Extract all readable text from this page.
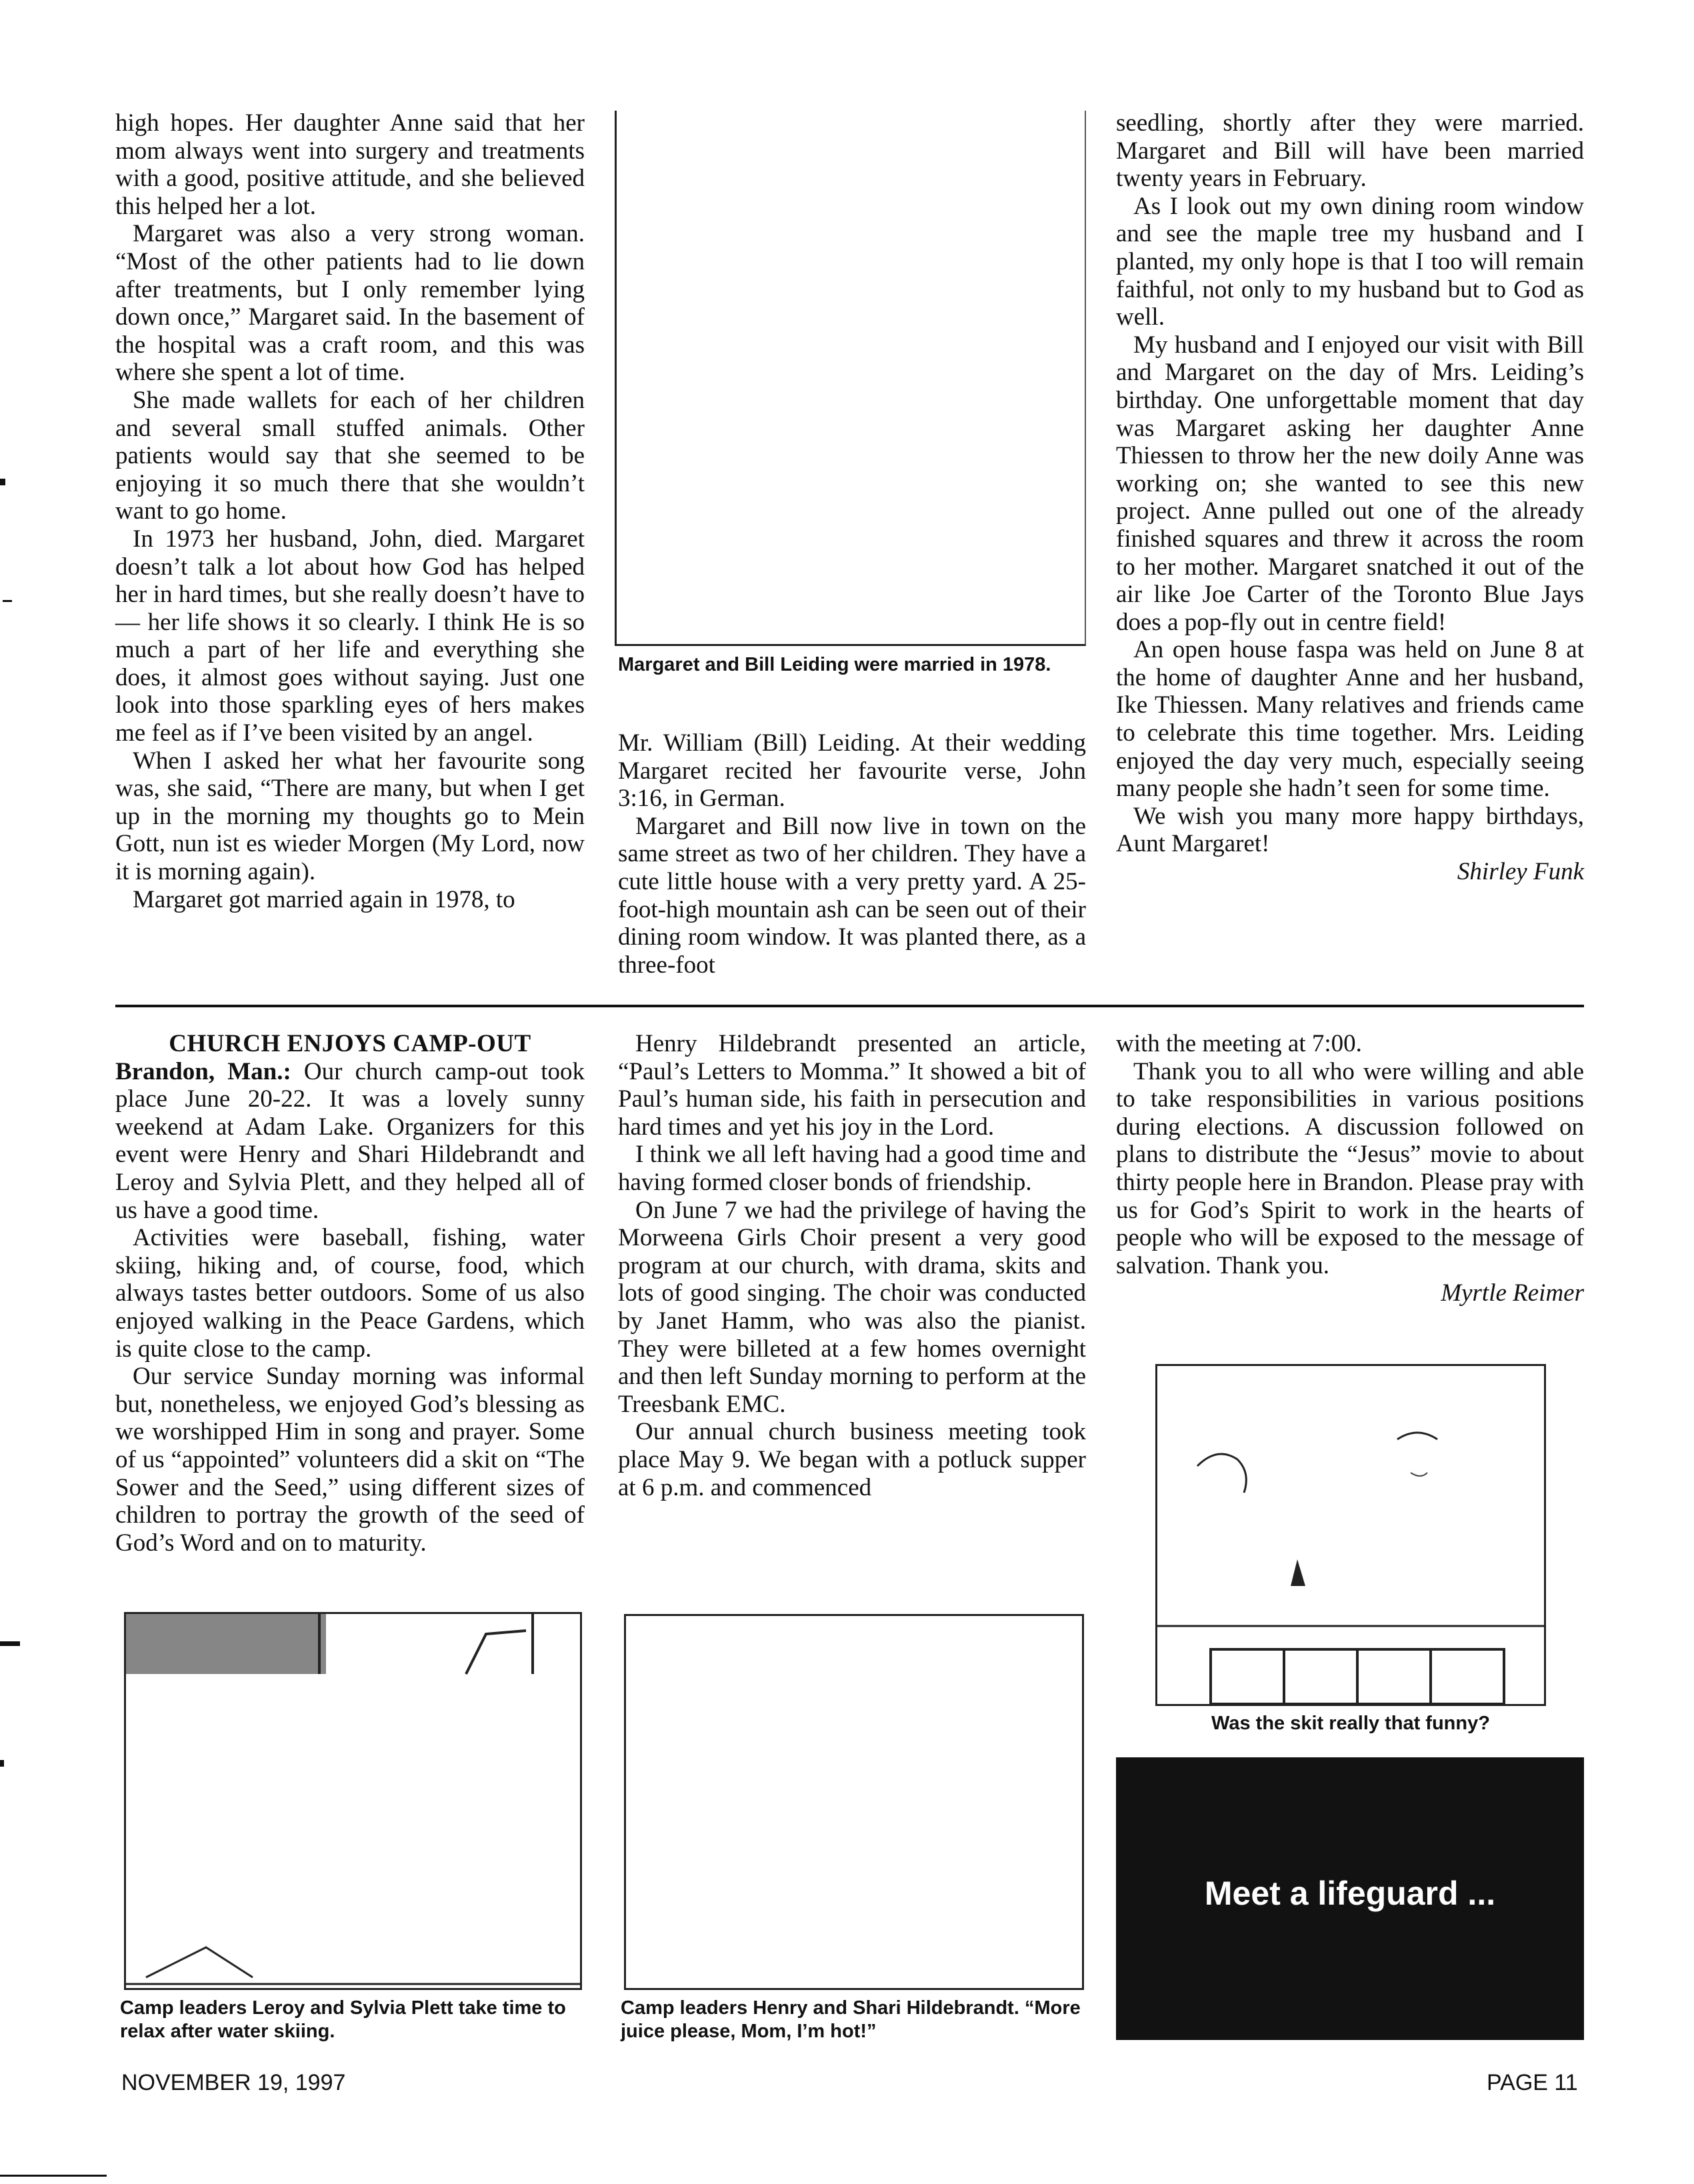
high hopes. Her daughter Anne said that her mom always went into surgery and treatments with a good, positive attitude, and she believed this helped her a lot.

Margaret was also a very strong woman. “Most of the other patients had to lie down after treatments, but I only remember lying down once,” Margaret said. In the basement of the hospital was a craft room, and this was where she spent a lot of time.

She made wallets for each of her children and several small stuffed animals. Other patients would say that she seemed to be enjoying it so much there that she wouldn’t want to go home.

In 1973 her husband, John, died. Margaret doesn’t talk a lot about how God has helped her in hard times, but she really doesn’t have to — her life shows it so clearly. I think He is so much a part of her life and everything she does, it almost goes without saying. Just one look into those sparkling eyes of hers makes me feel as if I’ve been visited by an angel.

When I asked her what her favourite song was, she said, “There are many, but when I get up in the morning my thoughts go to Mein Gott, nun ist es wieder Morgen (My Lord, now it is morning again).

Margaret got married again in 1978, to

Margaret and Bill Leiding were married in 1978.

Mr. William (Bill) Leiding. At their wedding Margaret recited her favourite verse, John 3:16, in German.

Margaret and Bill now live in town on the same street as two of her children. They have a cute little house with a very pretty yard. A 25-foot-high mountain ash can be seen out of their dining room window. It was planted there, as a three-foot

seedling, shortly after they were married. Margaret and Bill will have been married twenty years in February.

As I look out my own dining room window and see the maple tree my husband and I planted, my only hope is that I too will remain faithful, not only to my husband but to God as well.

My husband and I enjoyed our visit with Bill and Margaret on the day of Mrs. Leiding’s birthday. One unforgettable moment that day was Margaret asking her daughter Anne Thiessen to throw her the new doily Anne was working on; she wanted to see this new project. Anne pulled out one of the already finished squares and threw it across the room to her mother. Margaret snatched it out of the air like Joe Carter of the Toronto Blue Jays does a pop-fly out in centre field!

An open house faspa was held on June 8 at the home of daughter Anne and her husband, Ike Thiessen. Many relatives and friends came to celebrate this time together. Mrs. Leiding enjoyed the day very much, especially seeing many people she hadn’t seen for some time.

We wish you many more happy birthdays, Aunt Margaret!

Shirley Funk

CHURCH ENJOYS CAMP-OUT

Brandon, Man.: Our church camp-out took place June 20-22. It was a lovely sunny weekend at Adam Lake. Organizers for this event were Henry and Shari Hildebrandt and Leroy and Sylvia Plett, and they helped all of us have a good time.

Activities were baseball, fishing, water skiing, hiking and, of course, food, which always tastes better outdoors. Some of us also enjoyed walking in the Peace Gardens, which is quite close to the camp.

Our service Sunday morning was informal but, nonetheless, we enjoyed God’s blessing as we worshipped Him in song and prayer. Some of us “appointed” volunteers did a skit on “The Sower and the Seed,” using different sizes of children to portray the growth of the seed of God’s Word and on to maturity.

Henry Hildebrandt presented an article, “Paul’s Letters to Momma.” It showed a bit of Paul’s human side, his faith in persecution and hard times and yet his joy in the Lord.

I think we all left having had a good time and having formed closer bonds of friendship.

On June 7 we had the privilege of having the Morweena Girls Choir present a very good program at our church, with drama, skits and lots of good singing. The choir was conducted by Janet Hamm, who was also the pianist. They were billeted at a few homes overnight and then left Sunday morning to perform at the Treesbank EMC.

Our annual church business meeting took place May 9. We began with a potluck supper at 6 p.m. and commenced

with the meeting at 7:00.

Thank you to all who were willing and able to take responsibilities in various positions during elections. A discussion followed on plans to distribute the “Jesus” movie to about thirty people here in Brandon. Please pray with us for God’s Spirit to work in the hearts of people who will be exposed to the message of salvation. Thank you.

Myrtle Reimer

Was the skit really that funny?
Meet a lifeguard ...
Camp leaders Leroy and Sylvia Plett take time to relax after water skiing.
Camp leaders Henry and Shari Hildebrandt. “More juice please, Mom, I’m hot!”
NOVEMBER 19, 1997	PAGE 11
